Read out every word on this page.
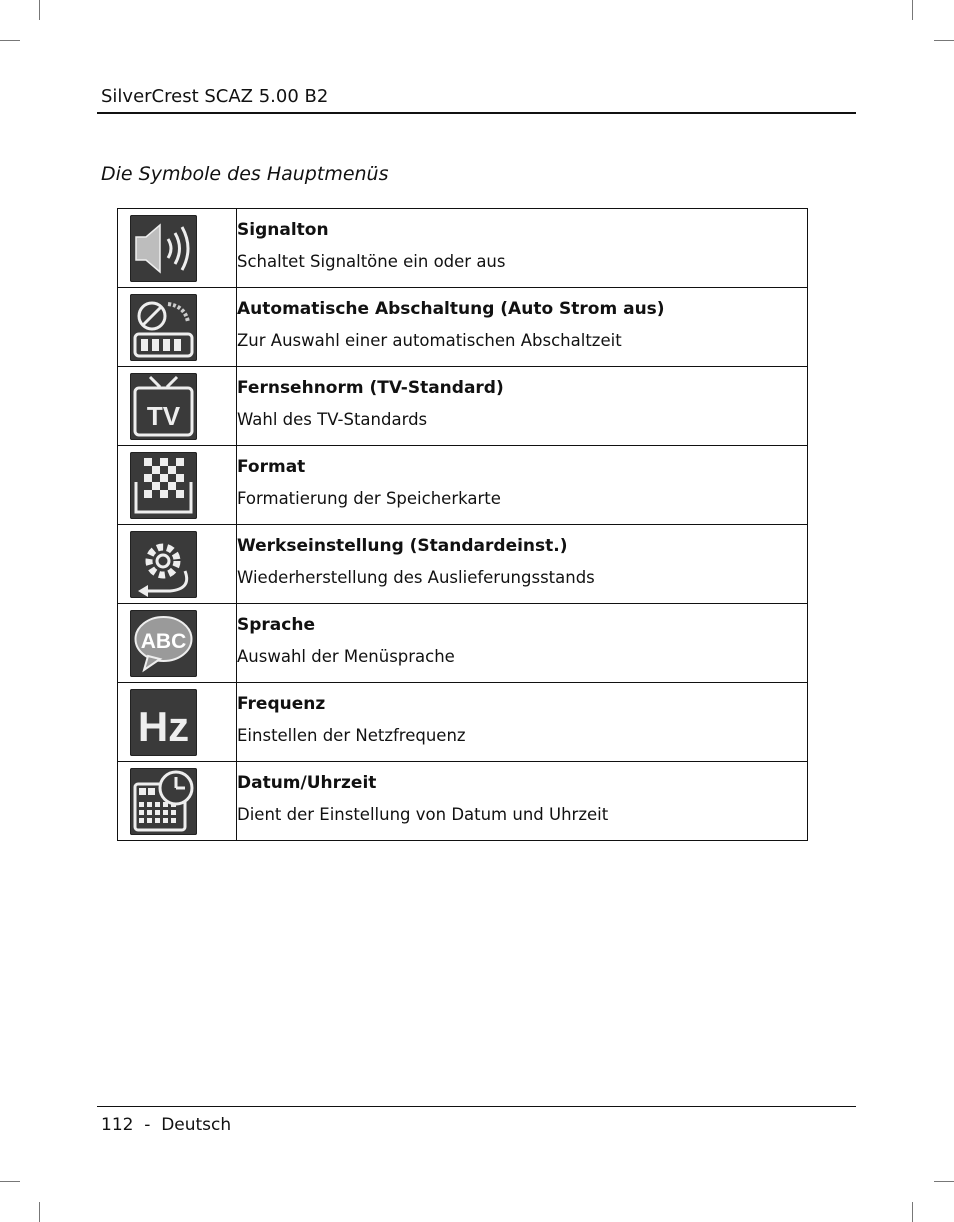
SilverCrest SCAZ 5.00 B2
Die Symbole des Hauptmenüs

Signalton
Schaltet Signaltöne ein oder aus

Automatische Abschaltung (Auto Strom aus)
Zur Auswahl einer automatischen Abschaltzeit

TV	Fernsehnorm (TV-Standard)
Wahl des TV-Standards

Format
Formatierung der Speicherkarte

Werkseinstellung (Standardeinst.)
Wiederherstellung des Auslieferungsstands

ABC	Sprache
Auswahl der Menüsprache

Hz	Frequenz
Einstellen der Netzfrequenz

Datum/Uhrzeit
Dient der Einstellung von Datum und Uhrzeit
112  -  Deutsch
